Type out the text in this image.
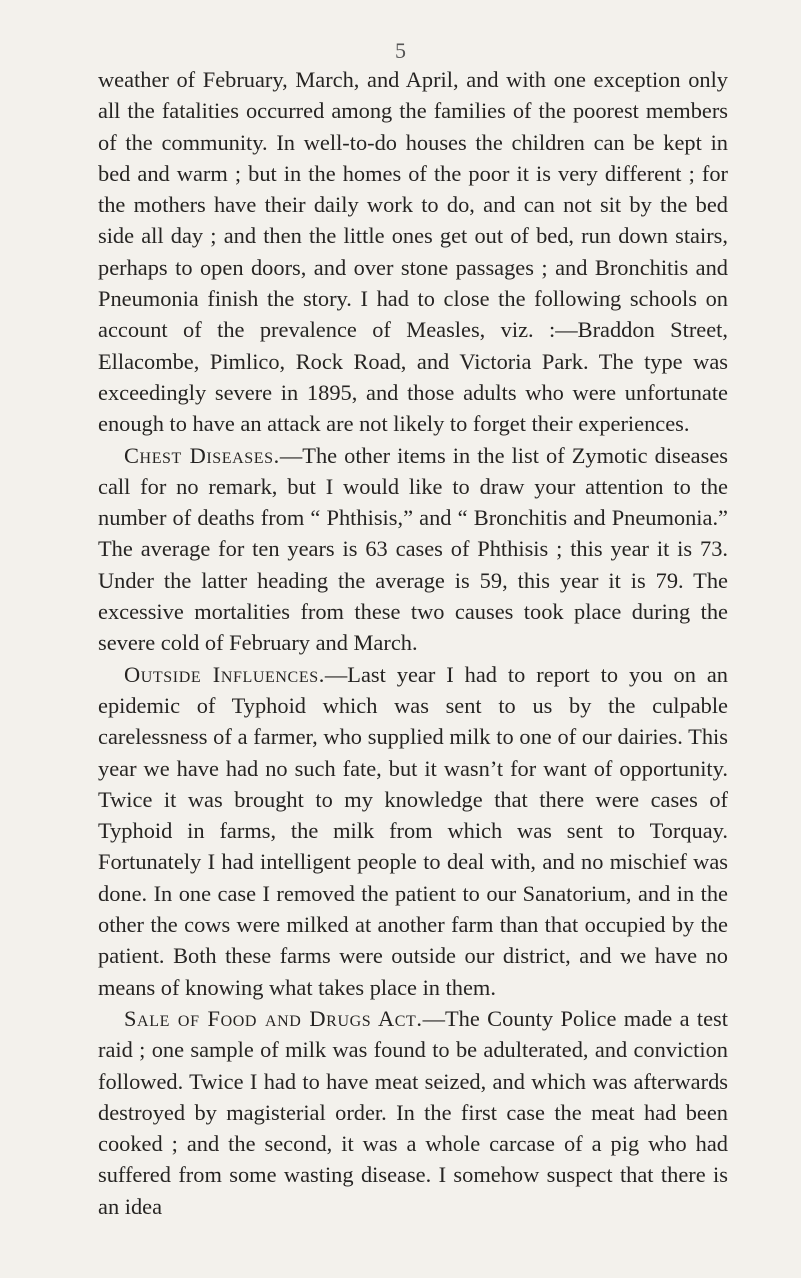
5

weather of February, March, and April, and with one exception only all the fatalities occurred among the families of the poorest members of the community. In well-to-do houses the children can be kept in bed and warm ; but in the homes of the poor it is very different ; for the mothers have their daily work to do, and can not sit by the bed side all day ; and then the little ones get out of bed, run down stairs, perhaps to open doors, and over stone passages ; and Bronchitis and Pneumonia finish the story. I had to close the following schools on account of the prevalence of Measles, viz. :—Braddon Street, Ellacombe, Pimlico, Rock Road, and Victoria Park. The type was exceedingly severe in 1895, and those adults who were unfortunate enough to have an attack are not likely to forget their experiences.

Chest Diseases.—The other items in the list of Zymotic diseases call for no remark, but I would like to draw your attention to the number of deaths from “ Phthisis,” and “ Bronchitis and Pneumonia.” The average for ten years is 63 cases of Phthisis ; this year it is 73. Under the latter heading the average is 59, this year it is 79. The excessive mortalities from these two causes took place during the severe cold of February and March.

Outside Influences.—Last year I had to report to you on an epidemic of Typhoid which was sent to us by the culpable carelessness of a farmer, who supplied milk to one of our dairies. This year we have had no such fate, but it wasn’t for want of opportunity. Twice it was brought to my knowledge that there were cases of Typhoid in farms, the milk from which was sent to Torquay. Fortunately I had intelligent people to deal with, and no mischief was done. In one case I removed the patient to our Sanatorium, and in the other the cows were milked at another farm than that occupied by the patient. Both these farms were outside our district, and we have no means of knowing what takes place in them.

Sale of Food and Drugs Act.—The County Police made a test raid ; one sample of milk was found to be adulterated, and conviction followed. Twice I had to have meat seized, and which was afterwards destroyed by magisterial order. In the first case the meat had been cooked ; and the second, it was a whole carcase of a pig who had suffered from some wasting disease. I somehow suspect that there is an idea
